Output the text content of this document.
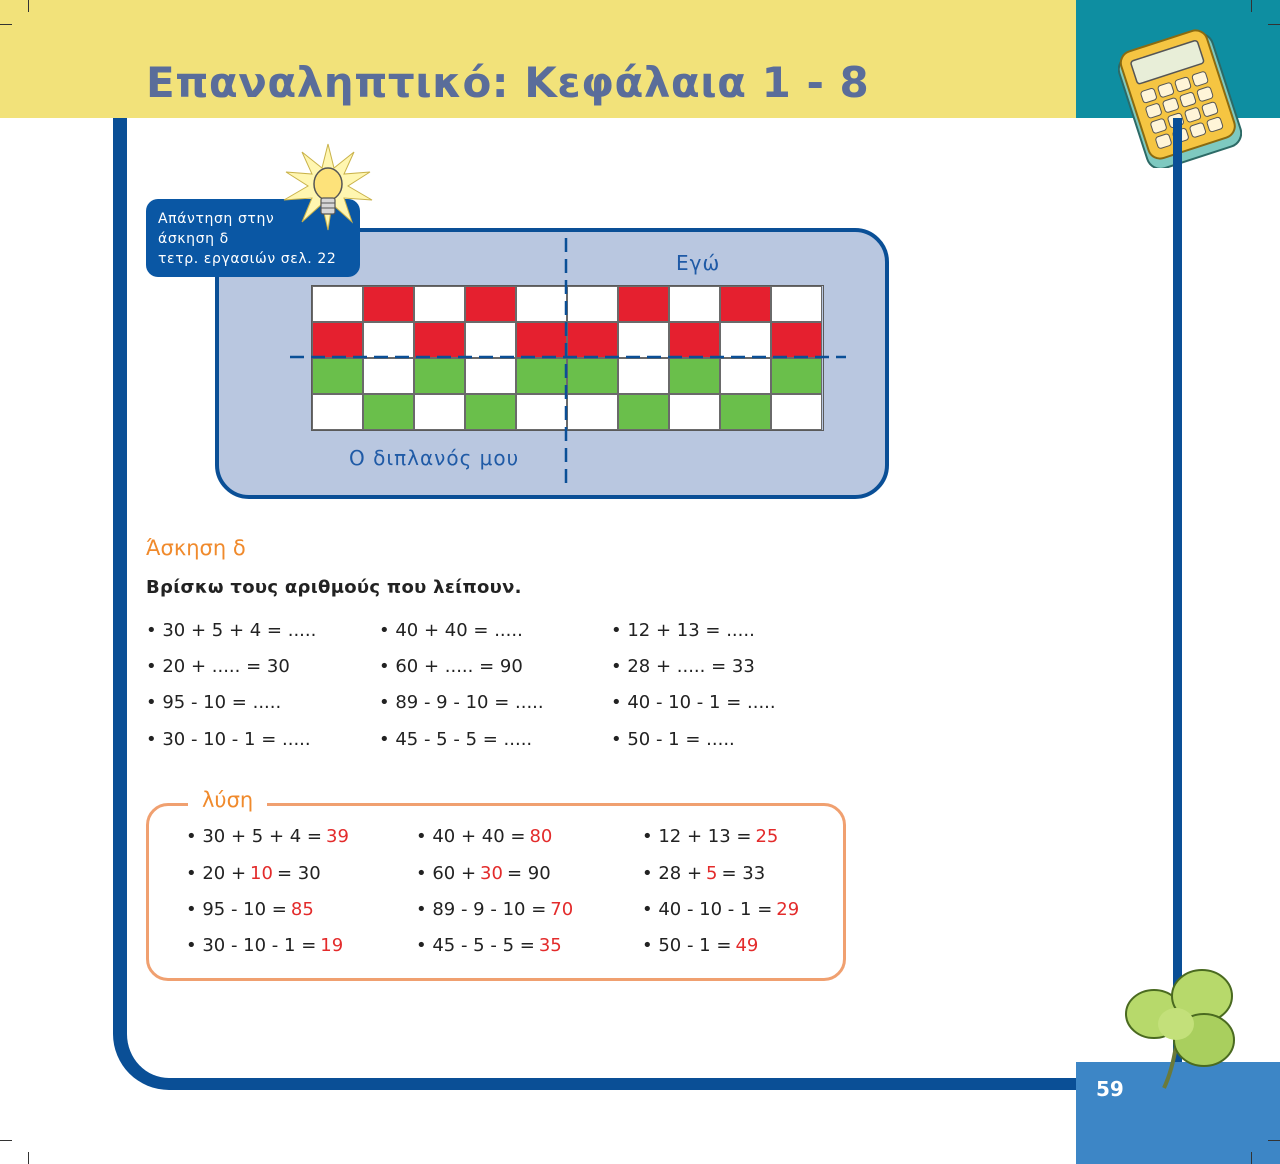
Επαναληπτικό: Κεφάλαια 1 - 8
59
Εγώ
Ο διπλανός μου
Απάντηση στην
άσκηση δ
τετρ. εργασιών σελ. 22
Άσκηση δ
Βρίσκω τους αριθμούς που λείπουν.
• 30 + 5 + 4 = .....
• 20 + ..... = 30
• 95 - 10 = .....
• 30 - 10 - 1 = .....
• 40 + 40 = .....
• 60 + ..... = 90
• 89 - 9 - 10 = .....
• 45 - 5 - 5 = .....
• 12 + 13 = .....
• 28 + ..... = 33
• 40 - 10 - 1 = .....
• 50 - 1 = .....
λύση
• 30 + 5 + 4 = 39
• 20 + 10 = 30
• 95 - 10 = 85
• 30 - 10 - 1 = 19
• 40 + 40 = 80
• 60 + 30 = 90
• 89 - 9 - 10 = 70
• 45 - 5 - 5 = 35
• 12 + 13 = 25
• 28 + 5 = 33
• 40 - 10 - 1 = 29
• 50 - 1 = 49
